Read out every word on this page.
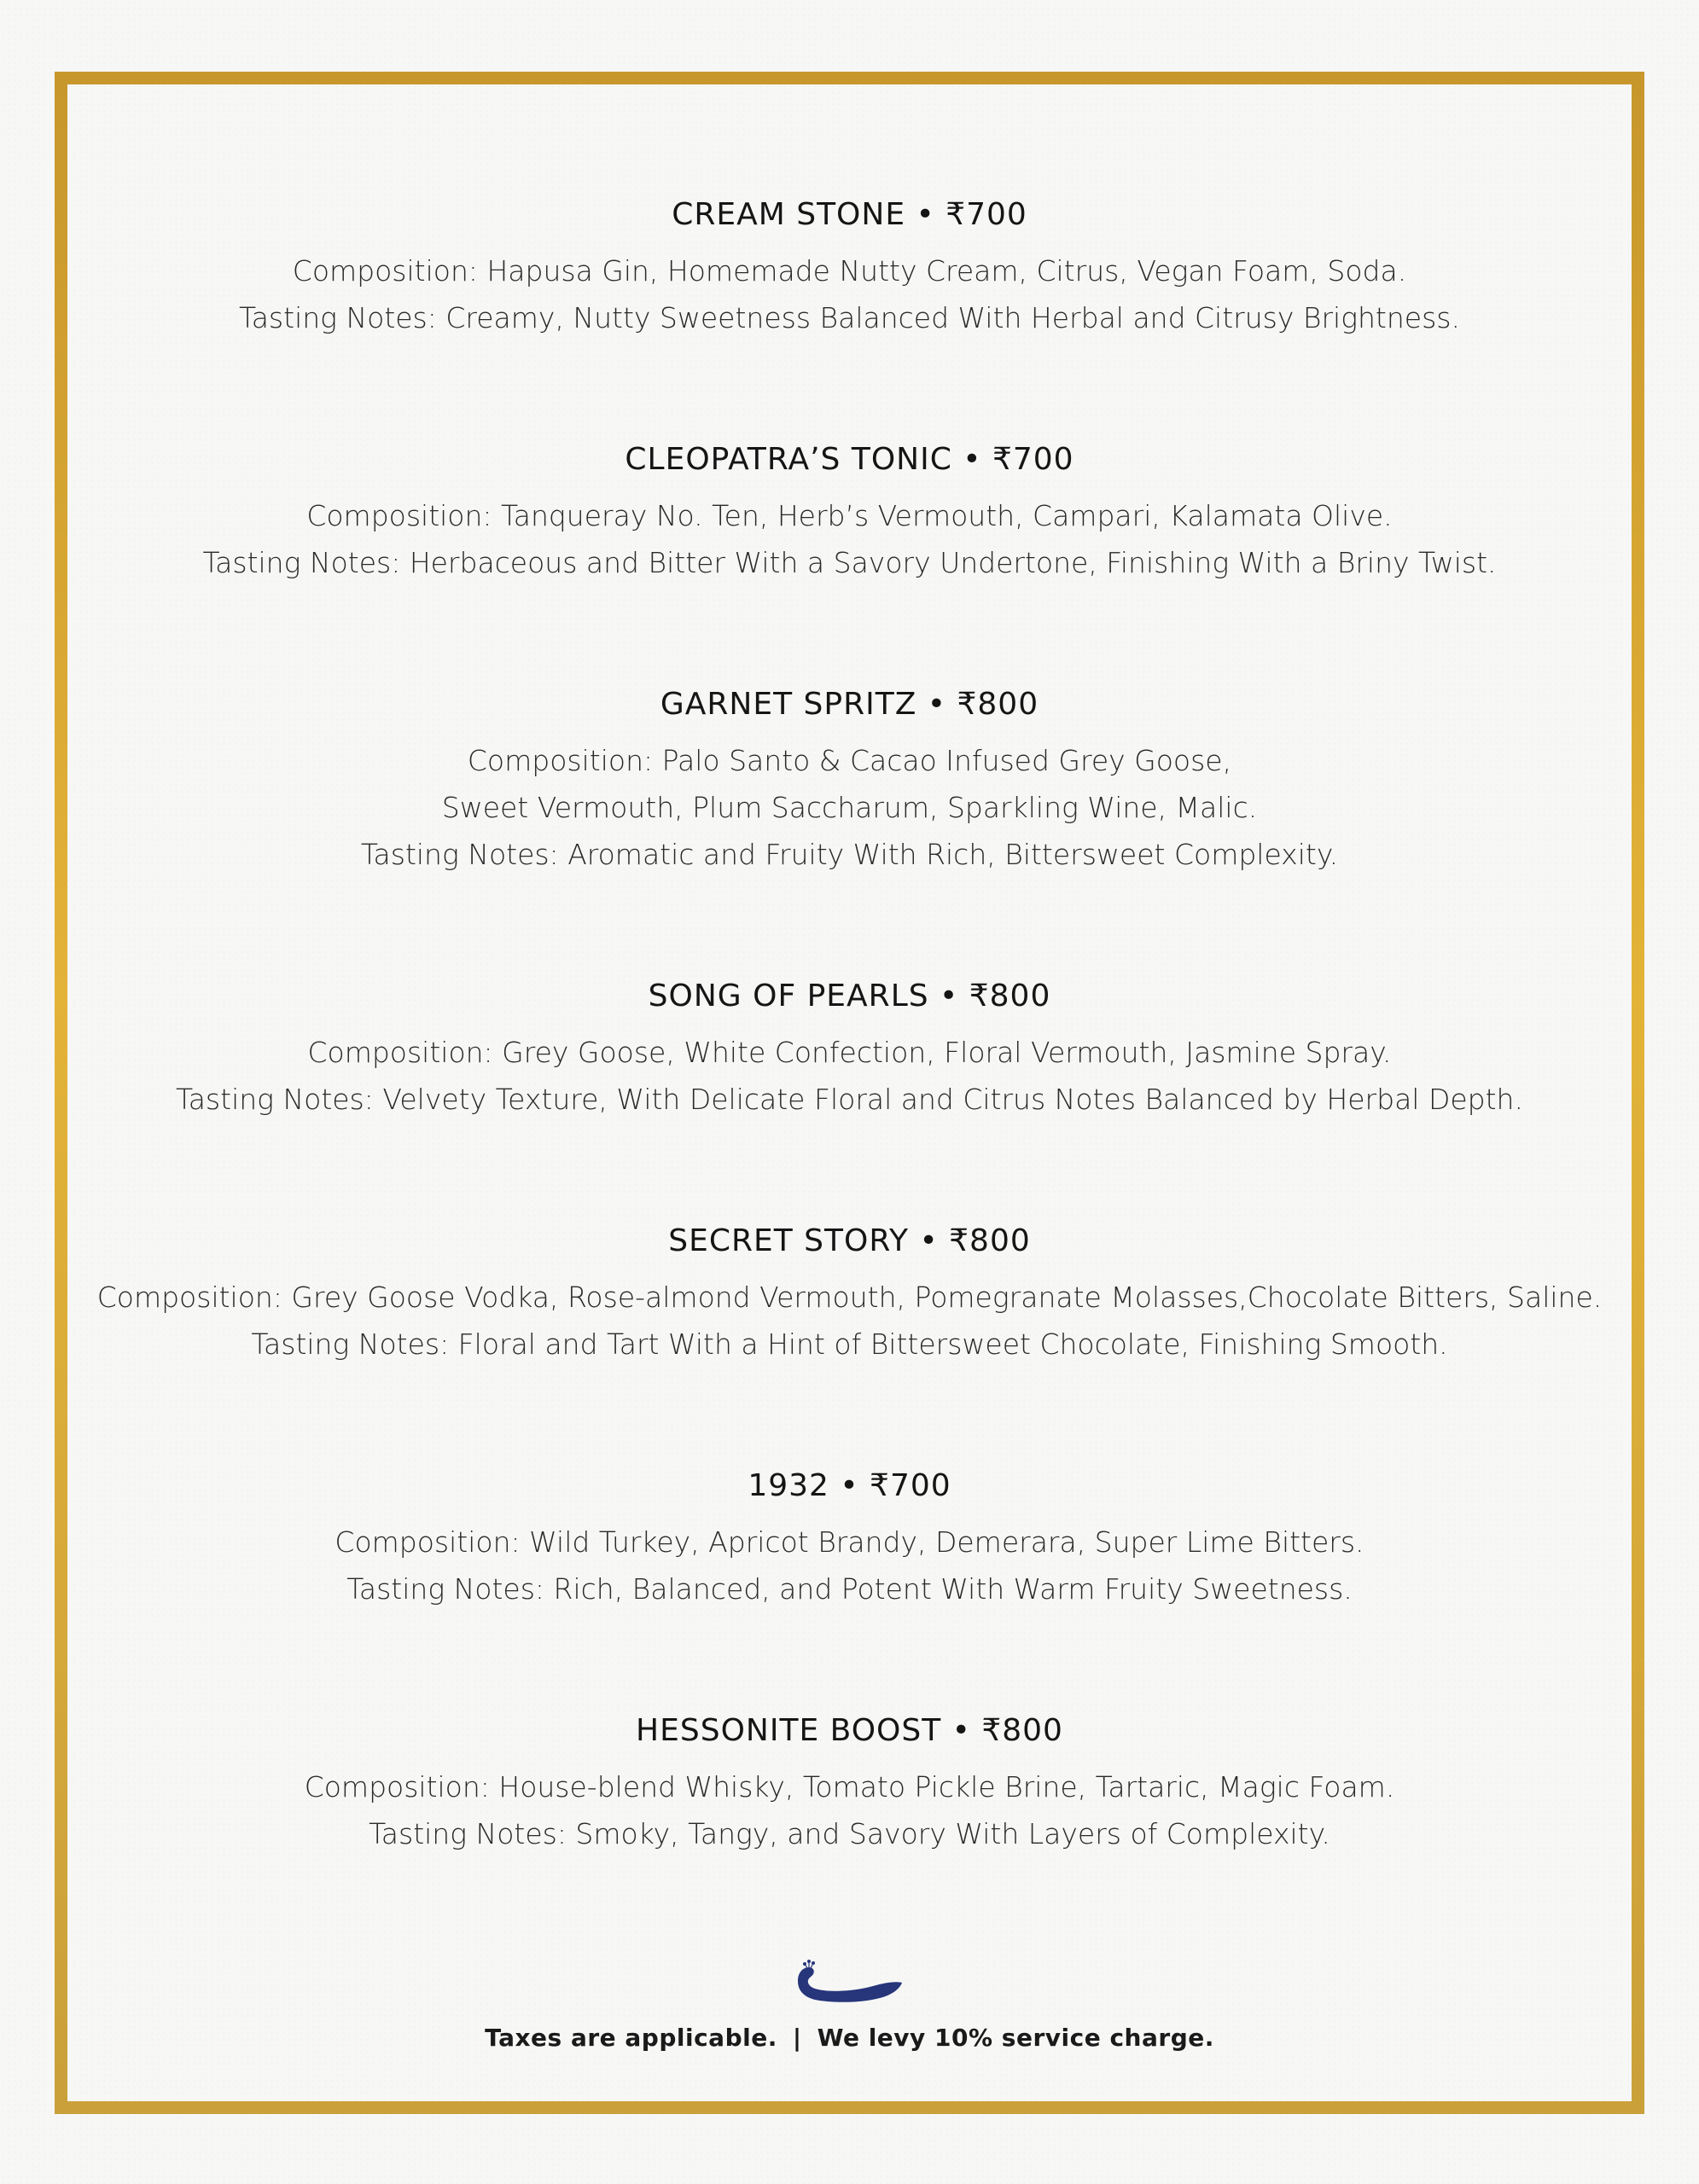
CREAM STONE • ₹700

Composition: Hapusa Gin, Homemade Nutty Cream, Citrus, Vegan Foam, Soda.

Tasting Notes: Creamy, Nutty Sweetness Balanced With Herbal and Citrusy Brightness.

CLEOPATRA’S TONIC • ₹700

Composition: Tanqueray No. Ten, Herb’s Vermouth, Campari, Kalamata Olive.

Tasting Notes: Herbaceous and Bitter With a Savory Undertone, Finishing With a Briny Twist.

GARNET SPRITZ • ₹800

Composition: Palo Santo & Cacao Infused Grey Goose,

Sweet Vermouth, Plum Saccharum, Sparkling Wine, Malic.

Tasting Notes: Aromatic and Fruity With Rich, Bittersweet Complexity.

SONG OF PEARLS • ₹800

Composition: Grey Goose, White Confection, Floral Vermouth, Jasmine Spray.

Tasting Notes: Velvety Texture, With Delicate Floral and Citrus Notes Balanced by Herbal Depth.

SECRET STORY • ₹800

Composition: Grey Goose Vodka, Rose-almond Vermouth, Pomegranate Molasses,Chocolate Bitters, Saline.

Tasting Notes: Floral and Tart With a Hint of Bittersweet Chocolate, Finishing Smooth.

1932 • ₹700

Composition: Wild Turkey, Apricot Brandy, Demerara, Super Lime Bitters.

Tasting Notes: Rich, Balanced, and Potent With Warm Fruity Sweetness.

HESSONITE BOOST • ₹800

Composition: House-blend Whisky, Tomato Pickle Brine, Tartaric, Magic Foam.

Tasting Notes: Smoky, Tangy, and Savory With Layers of Complexity.

Taxes are applicable. | We levy 10% service charge.
